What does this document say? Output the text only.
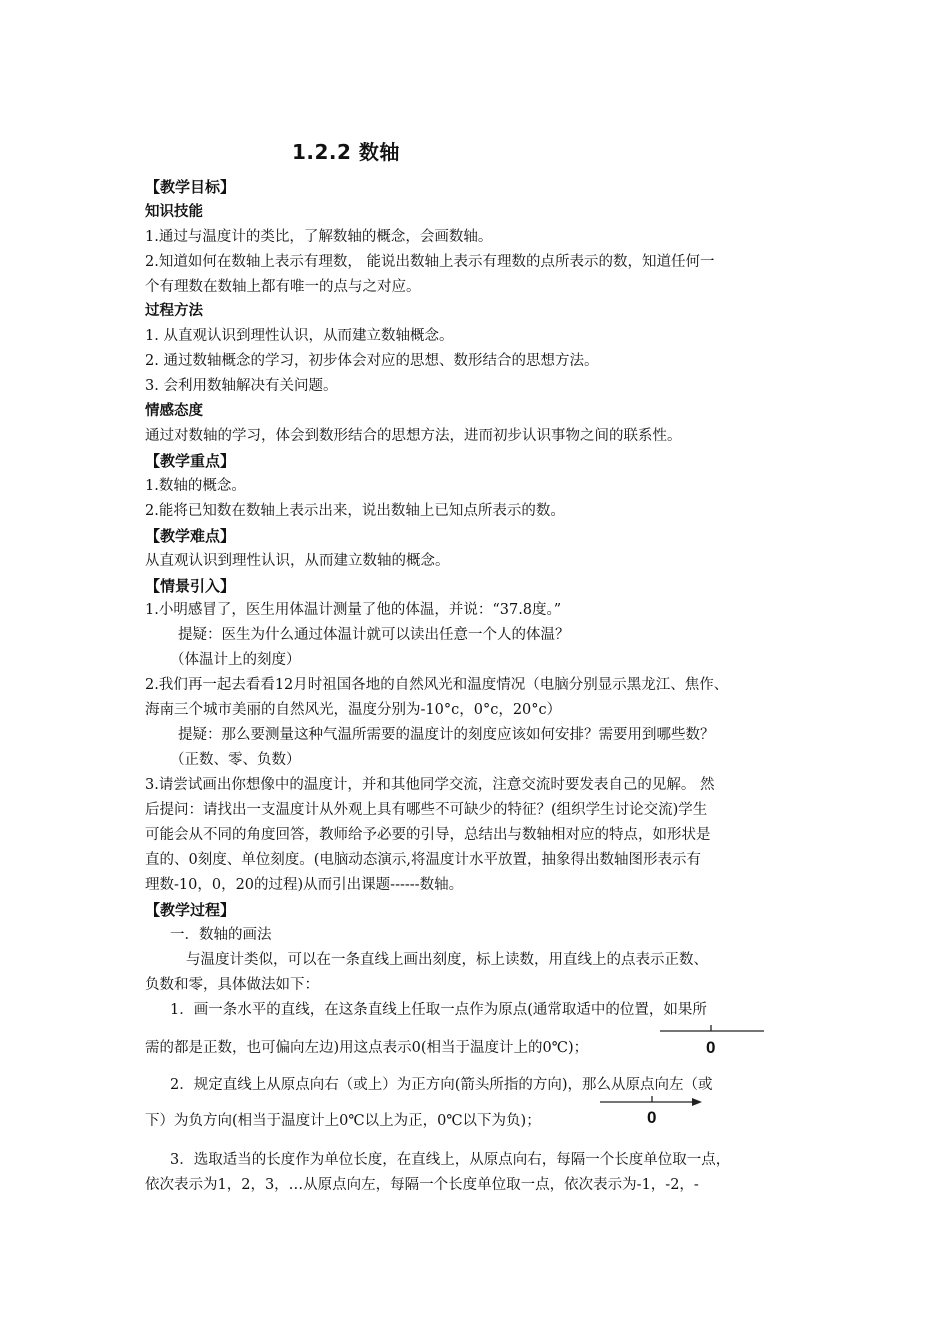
1.2.2 数轴
【教学目标】
知识技能
1.通过与温度计的类比，了解数轴的概念，会画数轴。
2.知道如何在数轴上表示有理数， 能说出数轴上表示有理数的点所表示的数，知道任何一
个有理数在数轴上都有唯一的点与之对应。
过程方法
1. 从直观认识到理性认识，从而建立数轴概念。
2. 通过数轴概念的学习，初步体会对应的思想、数形结合的思想方法。
3. 会利用数轴解决有关问题。
情感态度
通过对数轴的学习，体会到数形结合的思想方法，进而初步认识事物之间的联系性。
【教学重点】
1.数轴的概念。
2.能将已知数在数轴上表示出来，说出数轴上已知点所表示的数。
【教学难点】
从直观认识到理性认识，从而建立数轴的概念。
【情景引入】
1.小明感冒了，医生用体温计测量了他的体温，并说：“37.8度。”
提疑：医生为什么通过体温计就可以读出任意一个人的体温？
（体温计上的刻度）
2.我们再一起去看看12月时祖国各地的自然风光和温度情况（电脑分别显示黑龙江、焦作、
海南三个城市美丽的自然风光，温度分别为-10°c，0°c，20°c）
提疑：那么要测量这种气温所需要的温度计的刻度应该如何安排？需要用到哪些数？
（正数、零、负数）
3.请尝试画出你想像中的温度计，并和其他同学交流，注意交流时要发表自己的见解。 然
后提问：请找出一支温度计从外观上具有哪些不可缺少的特征？(组织学生讨论交流)学生
可能会从不同的角度回答，教师给予必要的引导，总结出与数轴相对应的特点，如形状是
直的、0刻度、单位刻度。(电脑动态演示,将温度计水平放置，抽象得出数轴图形表示有
理数-10，0，20的过程)从而引出课题------数轴。
【教学过程】
一．数轴的画法
与温度计类似，可以在一条直线上画出刻度，标上读数，用直线上的点表示正数、
负数和零，具体做法如下：
1．画一条水平的直线，在这条直线上任取一点作为原点(通常取适中的位置，如果所
需的都是正数，也可偏向左边)用这点表示0(相当于温度计上的0℃)；	0
2．规定直线上从原点向右（或上）为正方向(箭头所指的方向)，那么从原点向左（或
下）为负方向(相当于温度计上0℃以上为正，0℃以下为负)；	0
3．选取适当的长度作为单位长度，在直线上，从原点向右，每隔一个长度单位取一点，
依次表示为1，2，3，…从原点向左，每隔一个长度单位取一点，依次表示为-1，-2，-
